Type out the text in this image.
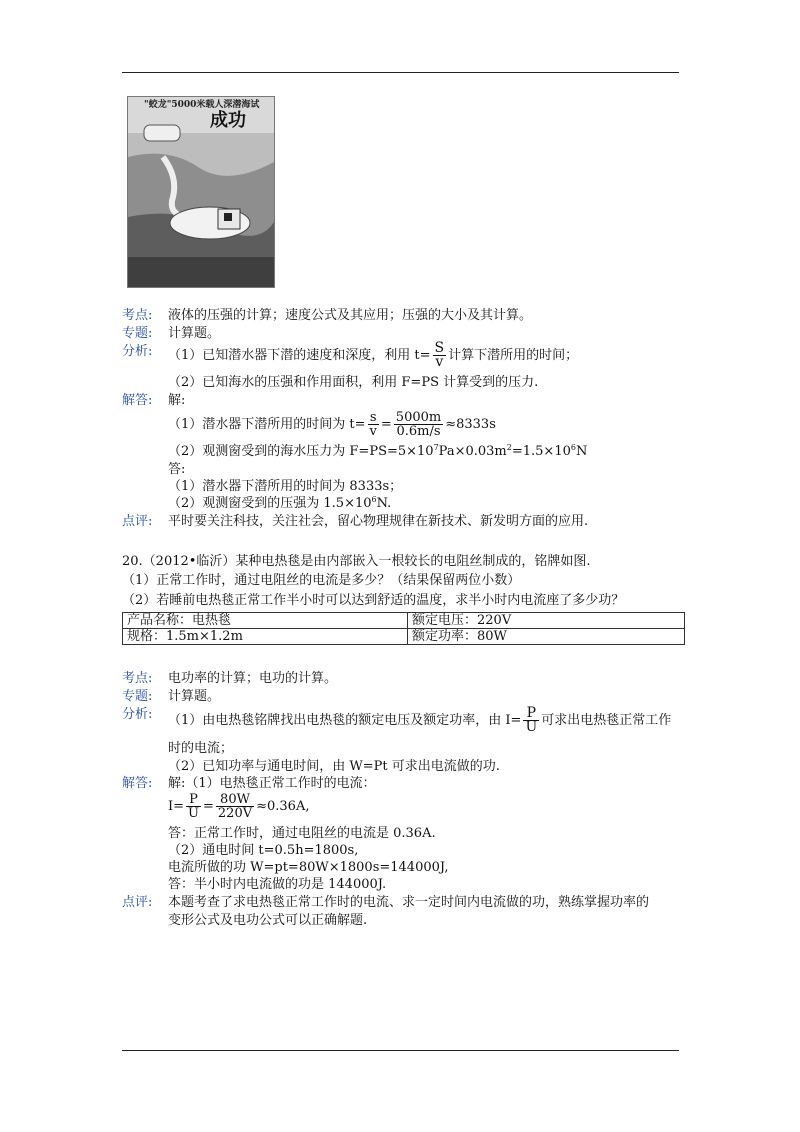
"蛟龙"5000米载人深潜海试
成功
考点: 液体的压强的计算；速度公式及其应用；压强的大小及其计算。
专题: 计算题。
分析: （1）已知潜水器下潜的速度和深度，利用 $t= \frac{S}{v}$ 计算下潜所用的时间；
（2）已知海水的压强和作用面积，利用 F=PS 计算受到的压力.
解答: 解:
（1）潜水器下潜所用的时间为 $t= \frac{s}{v} = \frac{5000m}{0.6m/s} \approx 8333s$
（2）观测窗受到的海水压力为 $F=PS=5\times 10^7Pa\times 0.03m^2=1.5\times 10^6N$
答:
（1）潜水器下潜所用的时间为 8333s；
（2）观测窗受到的压强为 $1.5\times 10^6N$.
点评: 平时要关注科技，关注社会，留心物理规律在新技术、新发明方面的应用.
20.（2012•临沂）某种电热毯是由内部嵌入一根较长的电阻丝制成的，铭牌如图.
（1）正常工作时，通过电阻丝的电流是多少？（结果保留两位小数）
（2）若睡前电热毯正常工作半小时可以达到舒适的温度，求半小时内电流座了多少功？
产品名称：电热毯	额定电压：220V
规格：1.5m×1.2m	额定功率：80W
考点: 电功率的计算；电功的计算。
专题: 计算题。
分析: （1）由电热毯铭牌找出电热毯的额定电压及额定功率，由 $I= \frac{P}{U}$ 可求出电热毯正常工作
时的电流；
（2）已知功率与通电时间，由 W=Pt 可求出电流做的功.
解答: 解:（1）电热毯正常工作时的电流：
$I= \frac{P}{U} = \frac{80W}{220V} \approx 0.36A$,
答：正常工作时，通过电阻丝的电流是 0.36A.
（2）通电时间 t=0.5h=1800s,
电流所做的功 W=pt=80W×1800s=144000J,
答：半小时内电流做的功是 144000J.
点评: 本题考查了求电热毯正常工作时的电流、求一定时间内电流做的功，熟练掌握功率的
变形公式及电功公式可以正确解题.
